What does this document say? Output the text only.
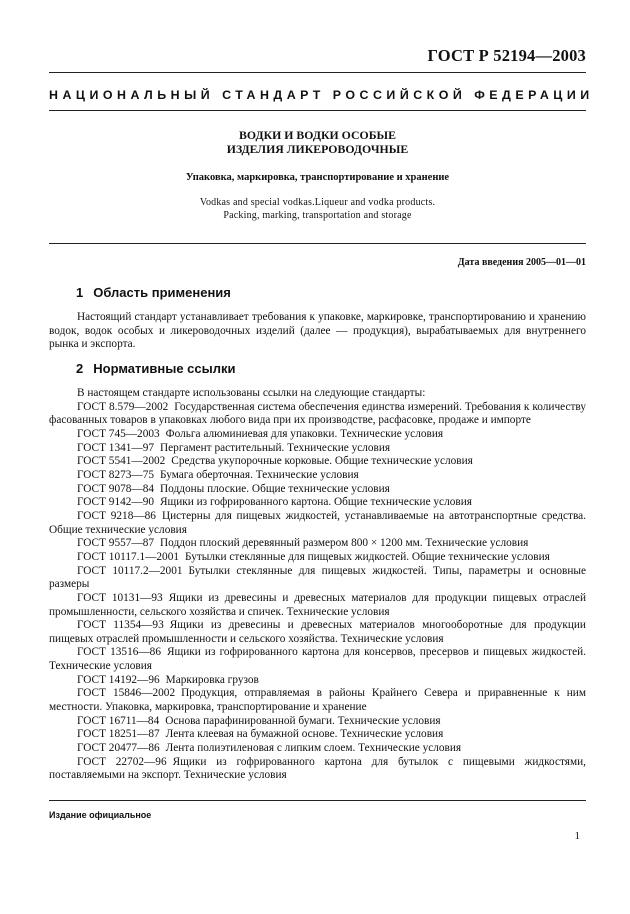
ГОСТ Р 52194—2003
НАЦИОНАЛЬНЫЙ СТАНДАРТ РОССИЙСКОЙ ФЕДЕРАЦИИ
ВОДКИ И ВОДКИ ОСОБЫЕ
ИЗДЕЛИЯ ЛИКЕРОВОДОЧНЫЕ
Упаковка, маркировка, транспортирование и хранение
Vodkas and special vodkas.Liqueur and vodka products.
Packing, marking, transportation and storage
Дата введения 2005—01—01
1 Область применения

Настоящий стандарт устанавливает требования к упаковке, маркировке, транспортированию и хранению водок, водок особых и ликероводочных изделий (далее — продукция), вырабатываемых для внутреннего рынка и экспорта.

2 Нормативные ссылки

В настоящем стандарте использованы ссылки на следующие стандарты:

ГОСТ 8.579—2002 Государственная система обеспечения единства измерений. Требования к количеству фасованных товаров в упаковках любого вида при их производстве, расфасовке, продаже и импорте

ГОСТ 745—2003 Фольга алюминиевая для упаковки. Технические условия

ГОСТ 1341—97 Пергамент растительный. Технические условия

ГОСТ 5541—2002 Средства укупорочные корковые. Общие технические условия

ГОСТ 8273—75 Бумага оберточная. Технические условия

ГОСТ 9078—84 Поддоны плоские. Общие технические условия

ГОСТ 9142—90 Ящики из гофрированного картона. Общие технические условия

ГОСТ 9218—86 Цистерны для пищевых жидкостей, устанавливаемые на автотранспортные средства. Общие технические условия

ГОСТ 9557—87 Поддон плоский деревянный размером 800 × 1200 мм. Технические условия

ГОСТ 10117.1—2001 Бутылки стеклянные для пищевых жидкостей. Общие технические условия

ГОСТ 10117.2—2001 Бутылки стеклянные для пищевых жидкостей. Типы, параметры и основные размеры

ГОСТ 10131—93 Ящики из древесины и древесных материалов для продукции пищевых отраслей промышленности, сельского хозяйства и спичек. Технические условия

ГОСТ 11354—93 Ящики из древесины и древесных материалов многооборотные для продукции пищевых отраслей промышленности и сельского хозяйства. Технические условия

ГОСТ 13516—86 Ящики из гофрированного картона для консервов, пресервов и пищевых жидкостей. Технические условия

ГОСТ 14192—96 Маркировка грузов

ГОСТ 15846—2002 Продукция, отправляемая в районы Крайнего Севера и приравненные к ним местности. Упаковка, маркировка, транспортирование и хранение

ГОСТ 16711—84 Основа парафинированной бумаги. Технические условия

ГОСТ 18251—87 Лента клеевая на бумажной основе. Технические условия

ГОСТ 20477—86 Лента полиэтиленовая с липким слоем. Технические условия

ГОСТ 22702—96 Ящики из гофрированного картона для бутылок с пищевыми жидкостями, поставляемыми на экспорт. Технические условия

Издание официальное
1
